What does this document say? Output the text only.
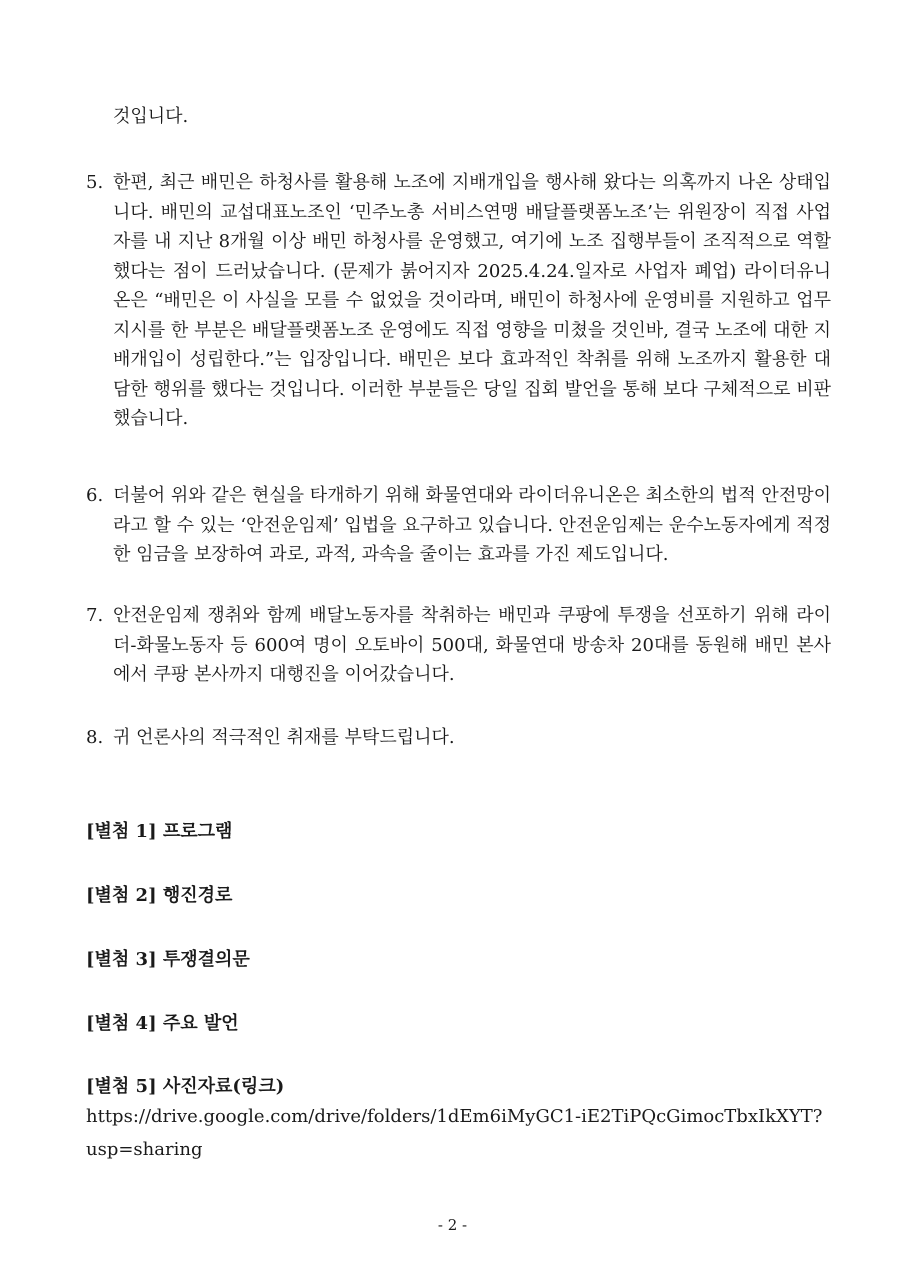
것입니다.

5. 한편, 최근 배민은 하청사를 활용해 노조에 지배개입을 행사해 왔다는 의혹까지 나온 상태입니다. 배민의 교섭대표노조인 ‘민주노총 서비스연맹 배달플랫폼노조’는 위원장이 직접 사업자를 내 지난 8개월 이상 배민 하청사를 운영했고, 여기에 노조 집행부들이 조직적으로 역할했다는 점이 드러났습니다. (문제가 붉어지자 2025.4.24.일자로 사업자 폐업) 라이더유니온은 “배민은 이 사실을 모를 수 없었을 것이라며, 배민이 하청사에 운영비를 지원하고 업무지시를 한 부분은 배달플랫폼노조 운영에도 직접 영향을 미쳤을 것인바, 결국 노조에 대한 지배개입이 성립한다.”는 입장입니다. 배민은 보다 효과적인 착취를 위해 노조까지 활용한 대담한 행위를 했다는 것입니다. 이러한 부분들은 당일 집회 발언을 통해 보다 구체적으로 비판했습니다.

6. 더불어 위와 같은 현실을 타개하기 위해 화물연대와 라이더유니온은 최소한의 법적 안전망이라고 할 수 있는 ‘안전운임제’ 입법을 요구하고 있습니다. 안전운임제는 운수노동자에게 적정한 임금을 보장하여 과로, 과적, 과속을 줄이는 효과를 가진 제도입니다.

7. 안전운임제 쟁취와 함께 배달노동자를 착취하는 배민과 쿠팡에 투쟁을 선포하기 위해 라이더-화물노동자 등 600여 명이 오토바이 500대, 화물연대 방송차 20대를 동원해 배민 본사에서 쿠팡 본사까지 대행진을 이어갔습니다.

8. 귀 언론사의 적극적인 취재를 부탁드립니다.

[별첨 1] 프로그램

[별첨 2] 행진경로

[별첨 3] 투쟁결의문

[별첨 4] 주요 발언

[별첨 5] 사진자료(링크)

https://drive.google.com/drive/folders/1dEm6iMyGC1-iE2TiPQcGimocTbxIkXYT?usp=sharing

- 2 -
